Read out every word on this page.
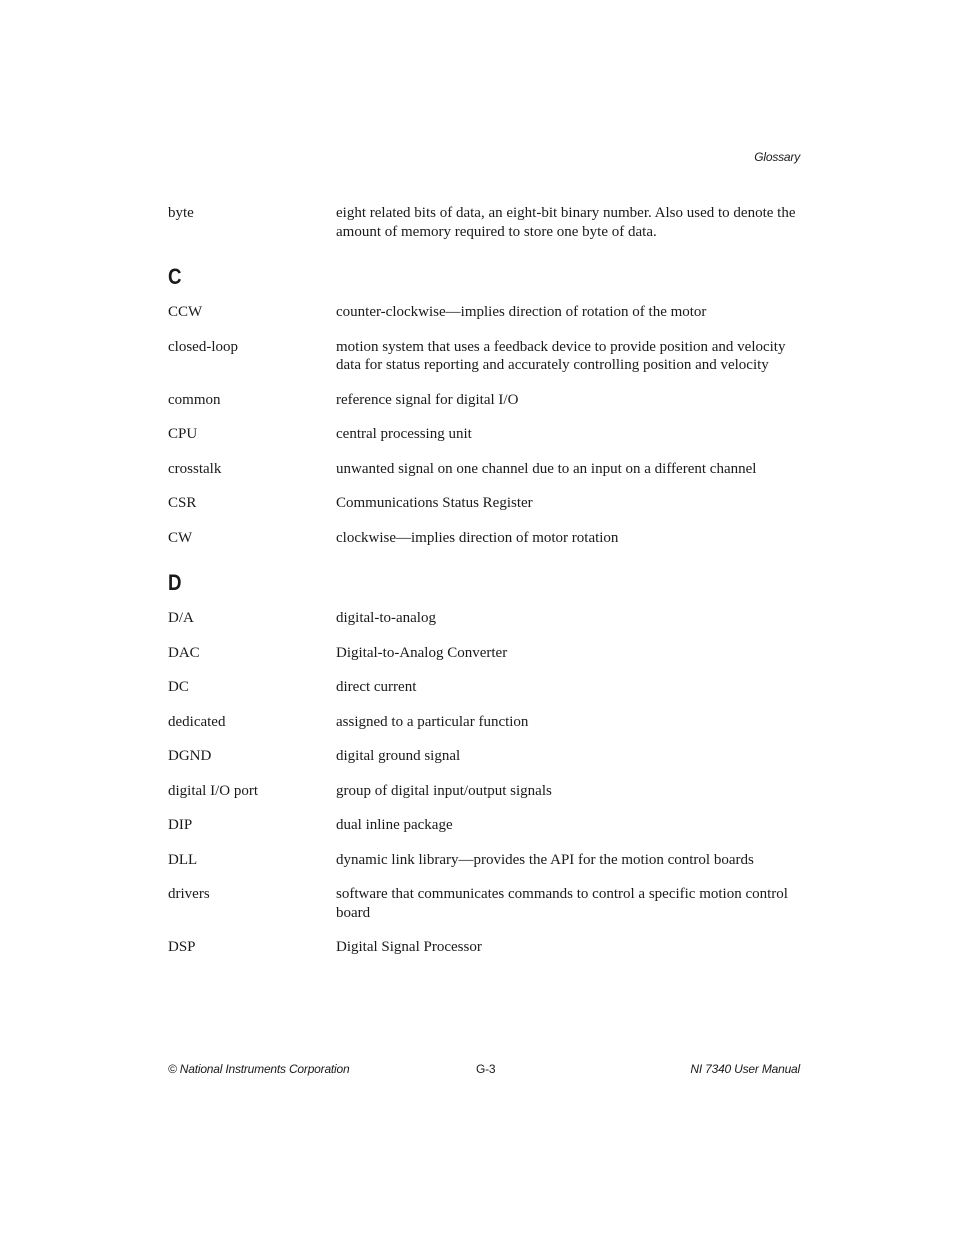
Glossary
byte	eight related bits of data, an eight-bit binary number. Also used to denote the amount of memory required to store one byte of data.
C
CCW	counter-clockwise—implies direction of rotation of the motor
closed-loop	motion system that uses a feedback device to provide position and velocity data for status reporting and accurately controlling position and velocity
common	reference signal for digital I/O
CPU	central processing unit
crosstalk	unwanted signal on one channel due to an input on a different channel
CSR	Communications Status Register
CW	clockwise—implies direction of motor rotation
D
D/A	digital-to-analog
DAC	Digital-to-Analog Converter
DC	direct current
dedicated	assigned to a particular function
DGND	digital ground signal
digital I/O port	group of digital input/output signals
DIP	dual inline package
DLL	dynamic link library—provides the API for the motion control boards
drivers	software that communicates commands to control a specific motion control board
DSP	Digital Signal Processor
© National Instruments Corporation	G-3	NI 7340 User Manual
